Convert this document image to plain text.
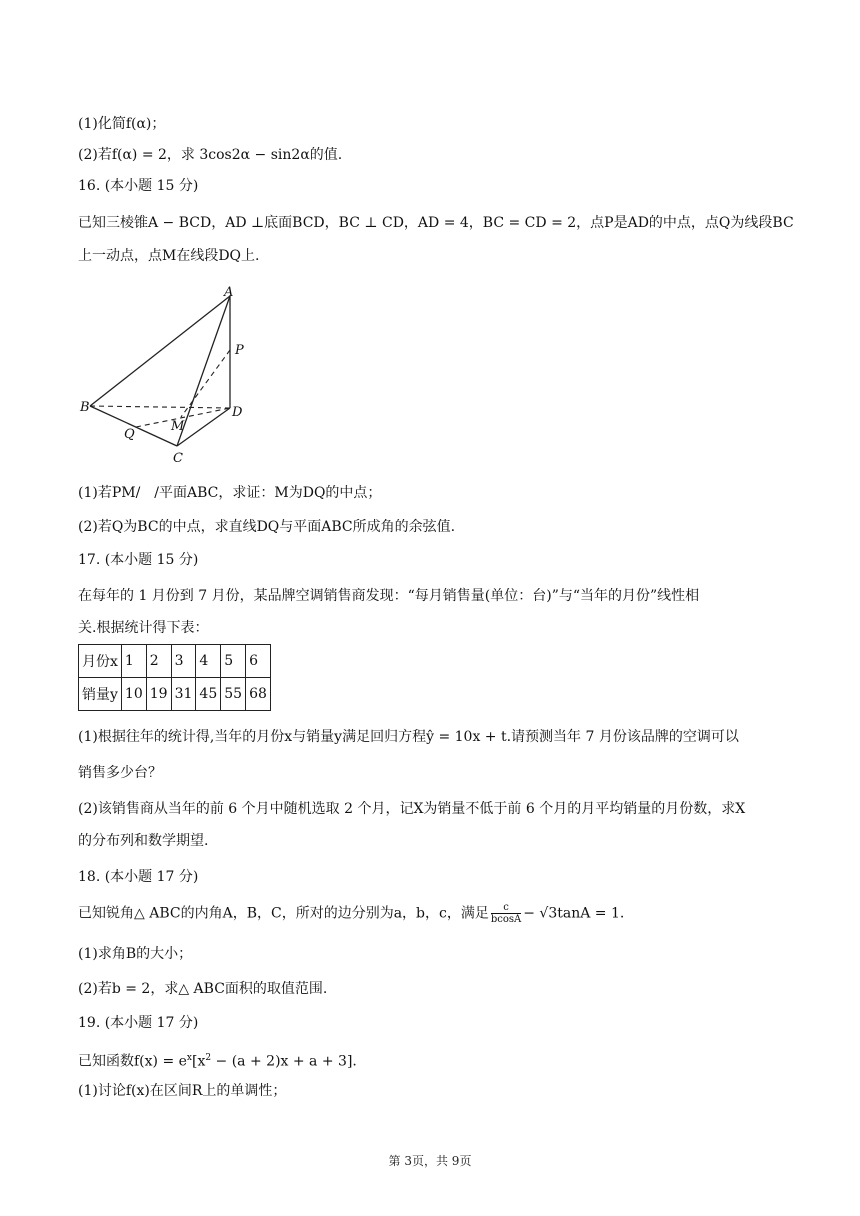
(1)化简f(α)；
(2)若f(α) = 2，求 3cos2α − sin2α的值.
16. (本小题 15 分)
已知三棱锥A − BCD，AD ⊥底面BCD，BC ⊥ CD，AD = 4，BC = CD = 2，点P是AD的中点，点Q为线段BC
上一动点，点M在线段DQ上.
A
B
C
D
P
Q
M
(1)若PM/　/平面ABC，求证：M为DQ的中点；
(2)若Q为BC的中点，求直线DQ与平面ABC所成角的余弦值.
17. (本小题 15 分)
在每年的 1 月份到 7 月份，某品牌空调销售商发现：“每月销售量(单位：台)”与“当年的月份”线性相
关.根据统计得下表：
月份x	1	2	3	4	5	6
销量y	10	19	31	45	55	68
(1)根据往年的统计得,当年的月份x与销量y满足回归方程ŷ = 10x + t.请预测当年 7 月份该品牌的空调可以
销售多少台？
(2)该销售商从当年的前 6 个月中随机选取 2 个月，记X为销量不低于前 6 个月的月平均销量的月份数，求X
的分布列和数学期望.
18. (本小题 17 分)
已知锐角△ ABC的内角A，B，C，所对的边分别为a，b，c，满足 $\frac{c}{bcosA} - √3\tan A = 1$.
(1)求角B的大小；
(2)若b = 2，求△ ABC面积的取值范围.
19. (本小题 17 分)
已知函数$f(x) = e^x[x^2 - (a + 2)x + a + 3]$.
(1)讨论f(x)在区间R上的单调性；
第 3页，共 9页
